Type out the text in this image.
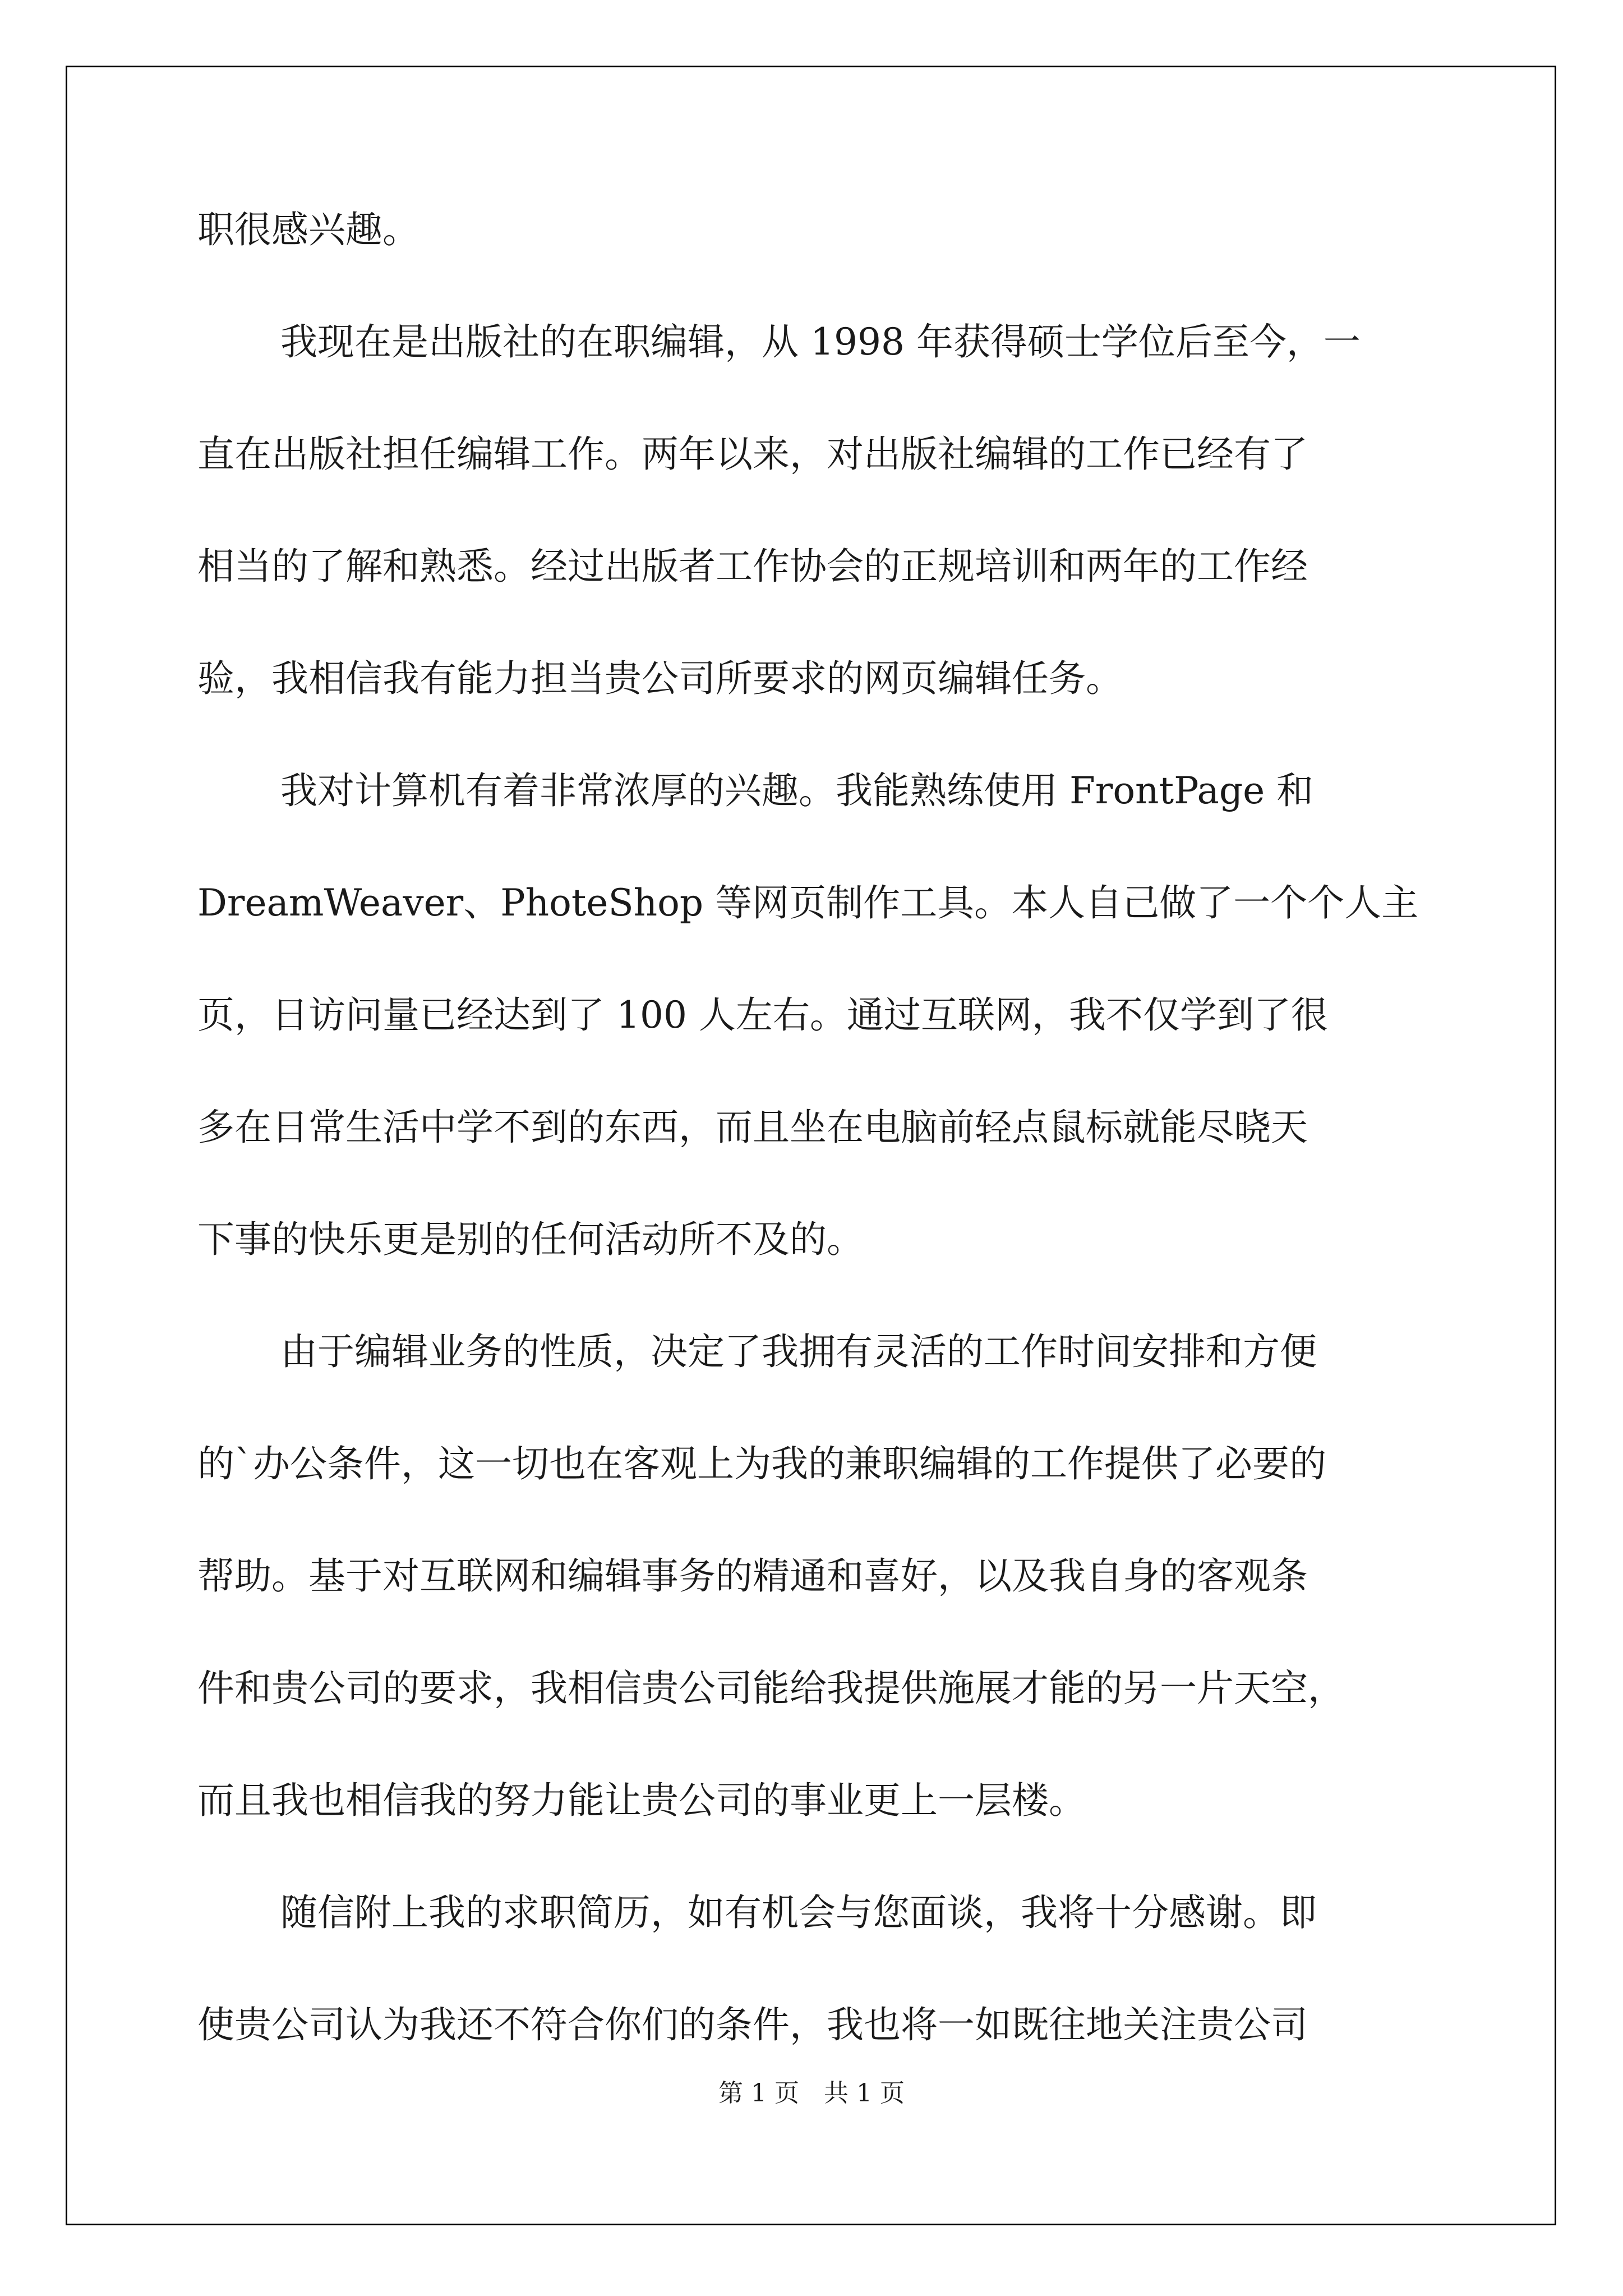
职很感兴趣。
我现在是出版社的在职编辑，从 1998 年获得硕士学位后至今，一
直在出版社担任编辑工作。两年以来，对出版社编辑的工作已经有了
相当的了解和熟悉。经过出版者工作协会的正规培训和两年的工作经
验，我相信我有能力担当贵公司所要求的网页编辑任务。
我对计算机有着非常浓厚的兴趣。我能熟练使用 FrontPage 和
DreamWeaver、PhoteShop 等网页制作工具。本人自己做了一个个人主
页，日访问量已经达到了 100 人左右。通过互联网，我不仅学到了很
多在日常生活中学不到的东西，而且坐在电脑前轻点鼠标就能尽晓天
下事的快乐更是别的任何活动所不及的。
由于编辑业务的性质，决定了我拥有灵活的工作时间安排和方便
的`办公条件，这一切也在客观上为我的兼职编辑的工作提供了必要的
帮助。基于对互联网和编辑事务的精通和喜好，以及我自身的客观条
件和贵公司的要求，我相信贵公司能给我提供施展才能的另一片天空，
而且我也相信我的努力能让贵公司的事业更上一层楼。
随信附上我的求职简历，如有机会与您面谈，我将十分感谢。即
使贵公司认为我还不符合你们的条件，我也将一如既往地关注贵公司
第 1 页　共 1 页
